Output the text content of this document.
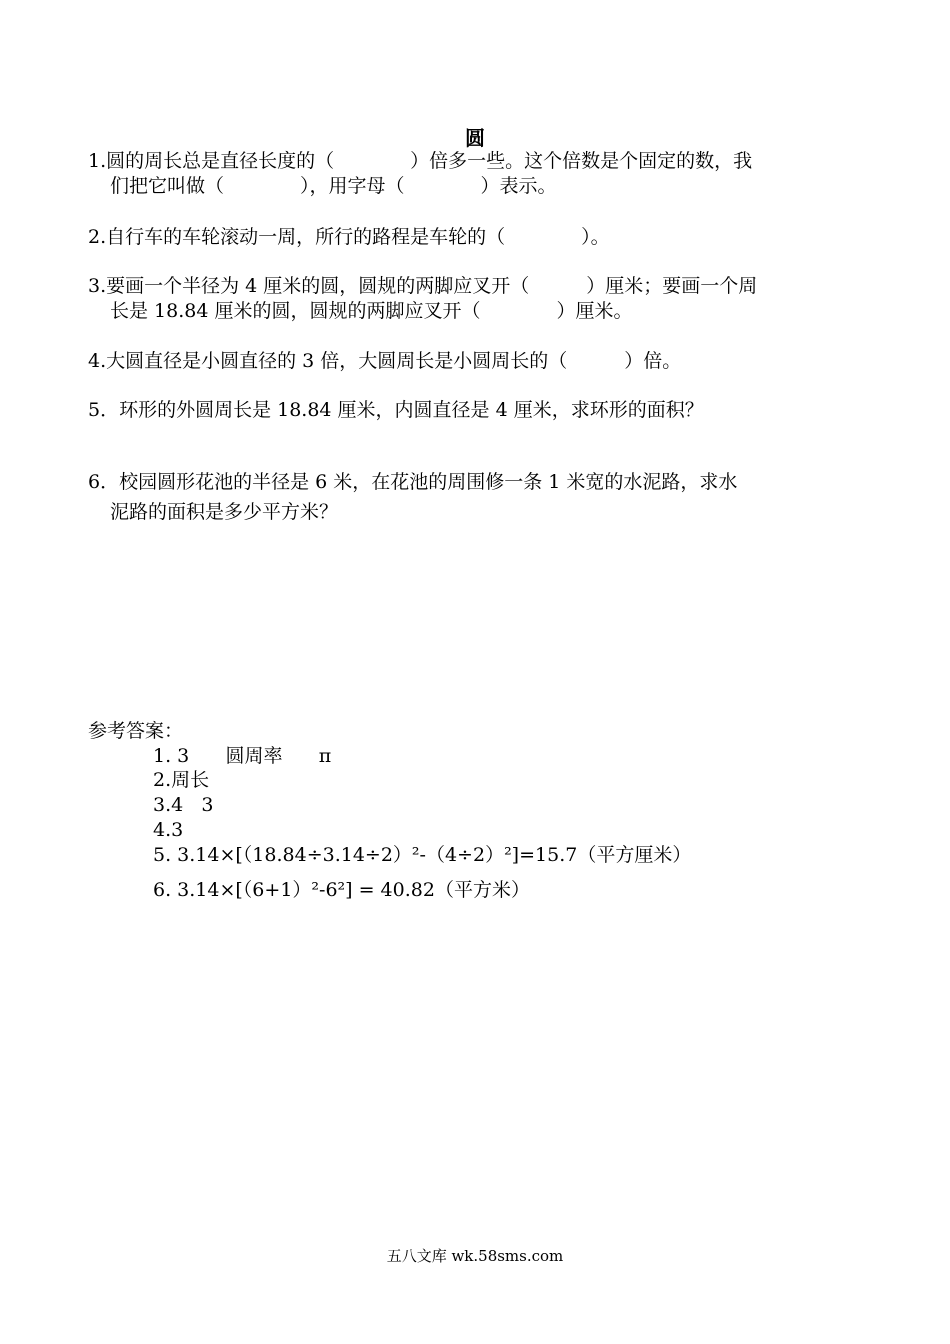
圆
1.圆的周长总是直径长度的（　　　　）倍多一些。这个倍数是个固定的数，我
们把它叫做（　　　　），用字母（　　　　）表示。
2.自行车的车轮滚动一周，所行的路程是车轮的（　　　　）。
3.要画一个半径为 4 厘米的圆，圆规的两脚应叉开（　　　）厘米；要画一个周
长是 18.84 厘米的圆，圆规的两脚应叉开（　　　　）厘米。
4.大圆直径是小圆直径的 3 倍，大圆周长是小圆周长的（　　　）倍。
5．环形的外圆周长是 18.84 厘米，内圆直径是 4 厘米，求环形的面积？
6．校园圆形花池的半径是 6 米，在花池的周围修一条 1 米宽的水泥路，求水
泥路的面积是多少平方米？
参考答案：
1. 3      圆周率      π
2.周长
3.4   3
4.3
5. 3.14×[（18.84÷3.14÷2）²-（4÷2）²]=15.7（平方厘米）
6. 3.14×[（6+1）²-6²] = 40.82（平方米）
五八文库 wk.58sms.com
